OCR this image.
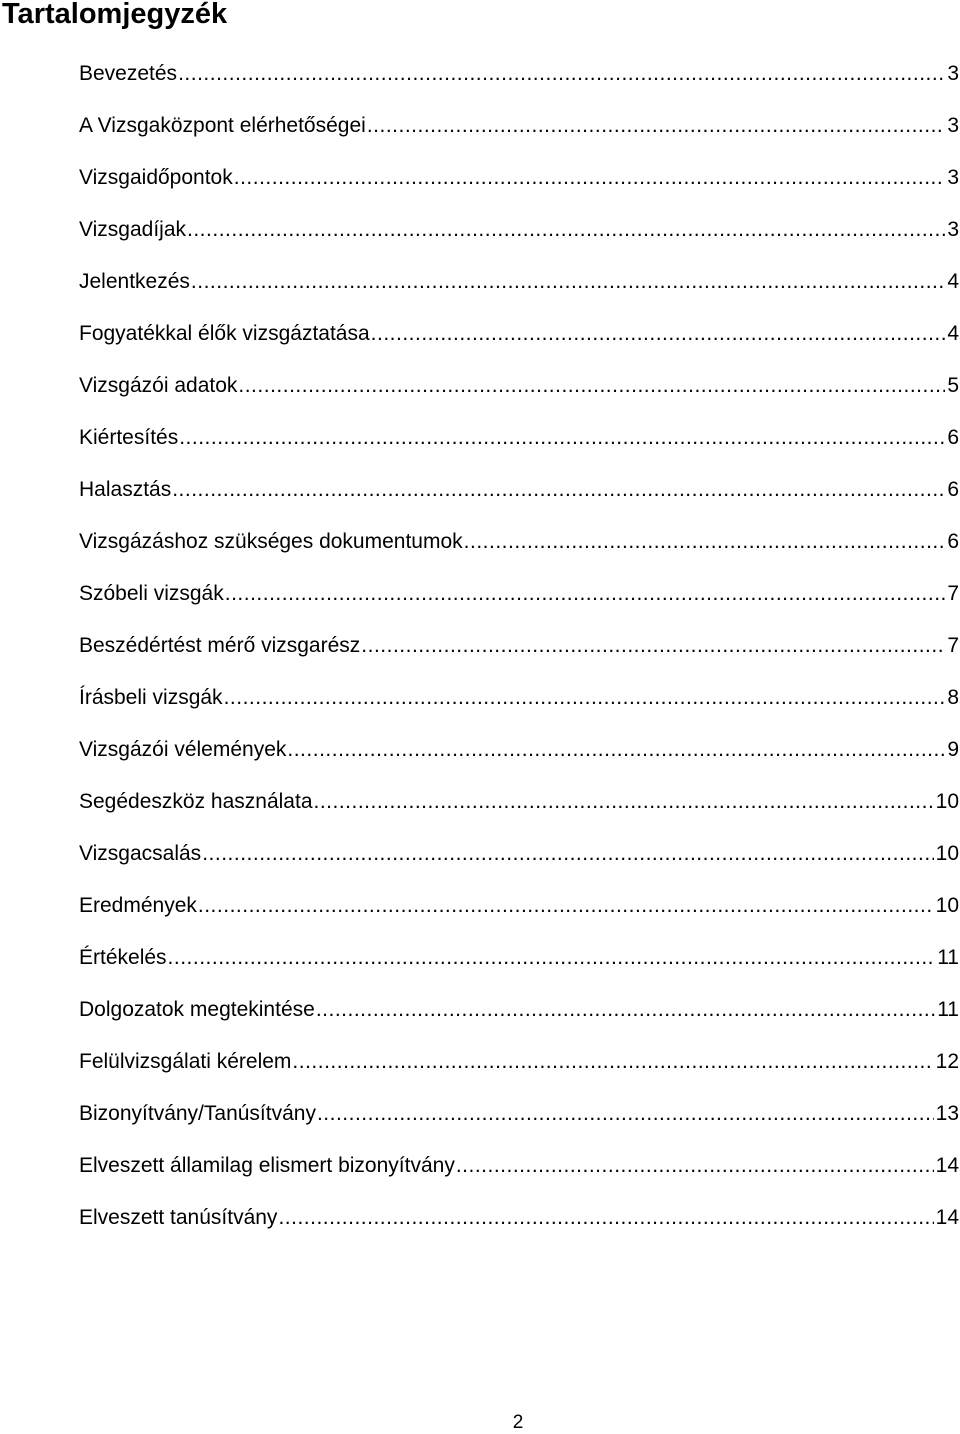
Tartalomjegyzék
Bevezetés .....	3
A Vizsgaközpont elérhetőségei .....	3
Vizsgaidőpontok .....	3
Vizsgadíjak .....	3
Jelentkezés .....	4
Fogyatékkal élők vizsgáztatása .....	4
Vizsgázói adatok .....	5
Kiértesítés .....	6
Halasztás .....	6
Vizsgázáshoz szükséges dokumentumok .....	6
Szóbeli vizsgák .....	7
Beszédértést mérő vizsgarész .....	7
Írásbeli vizsgák .....	8
Vizsgázói vélemények .....	9
Segédeszköz használata .....	10
Vizsgacsalás .....	10
Eredmények .....	10
Értékelés .....	11
Dolgozatok megtekintése .....	11
Felülvizsgálati kérelem .....	12
Bizonyítvány/Tanúsítvány .....	13
Elveszett államilag elismert bizonyítvány .....	14
Elveszett tanúsítvány .....	14
2
